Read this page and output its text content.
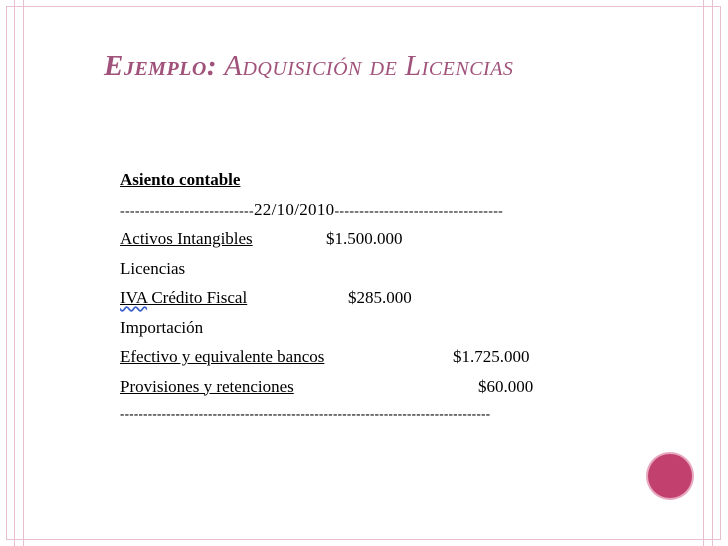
Ejemplo: Adquisición de Licencias
Asiento contable
---------------------------22/10/2010----------------------------------
Activos Intangibles	$1.500.000
Licencias
IVA Crédito Fiscal	$285.000
Importación
Efectivo y equivalente bancos	$1.725.000
Provisiones y retenciones	$60.000
--------------------------------------------------------------------------------
